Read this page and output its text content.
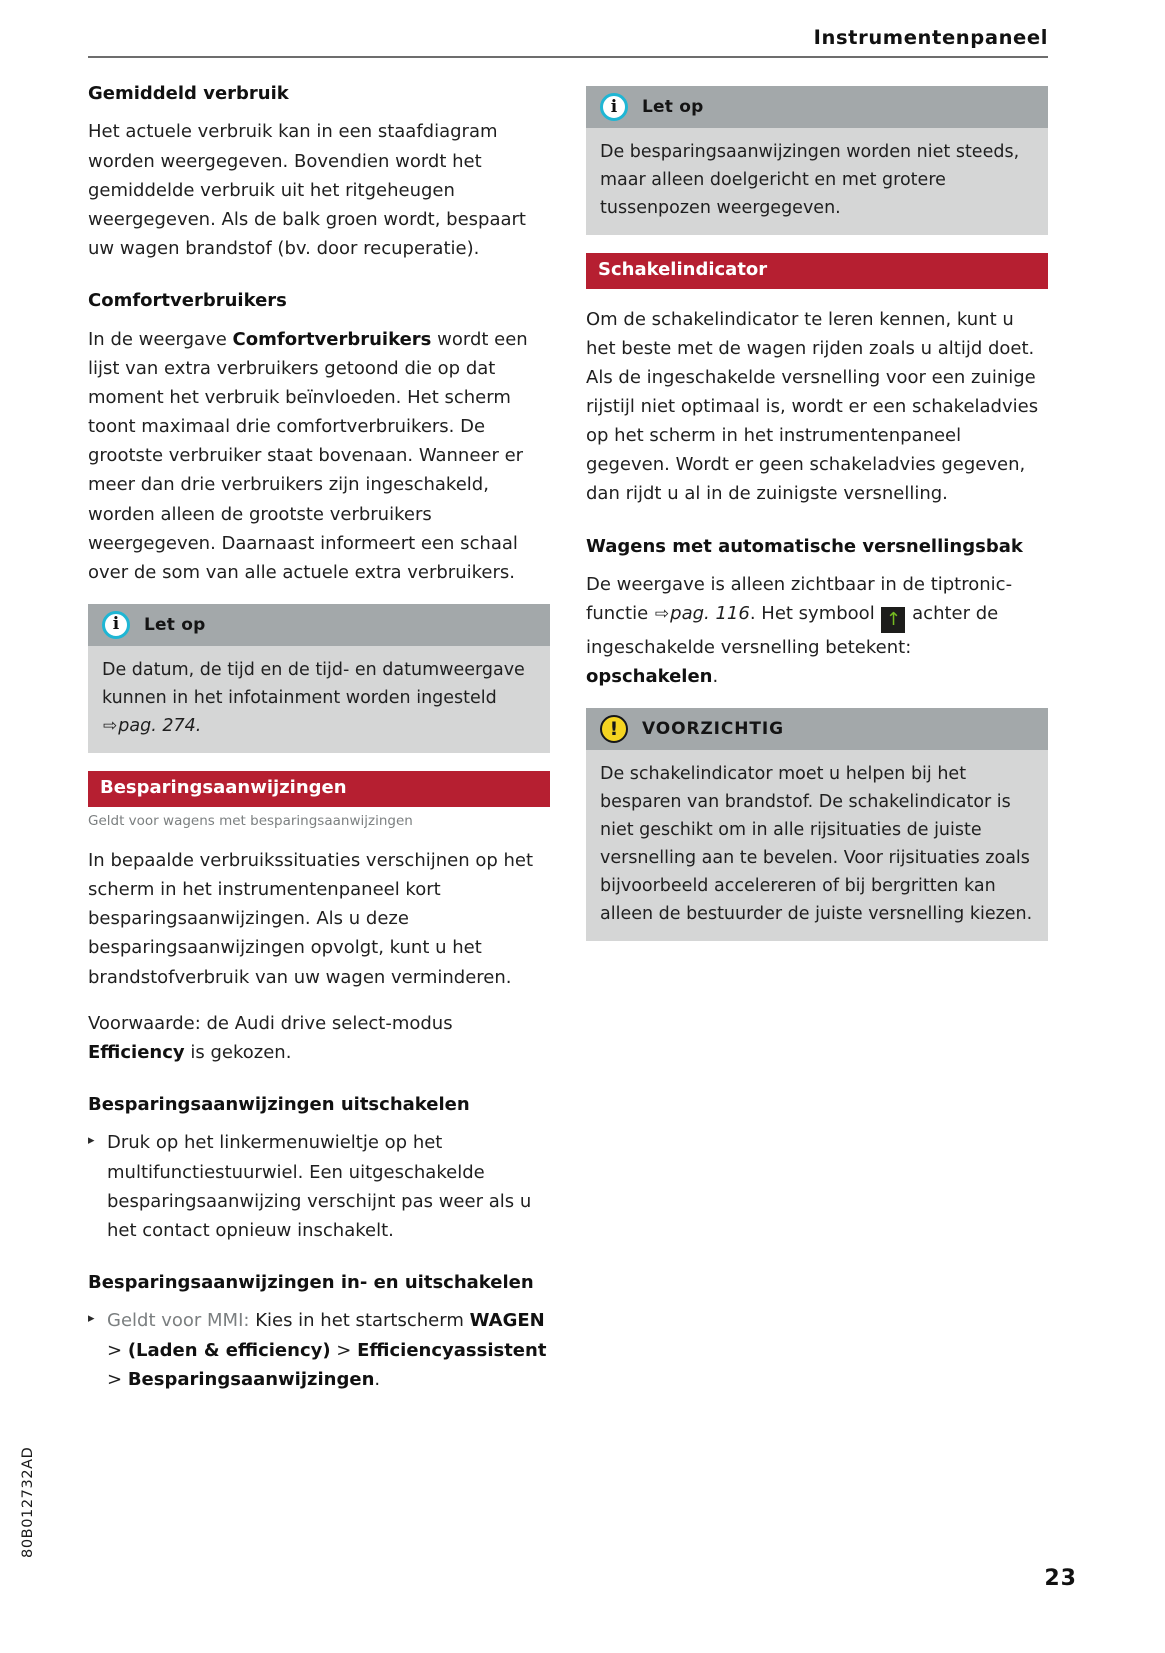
Instrumentenpaneel
Gemiddeld verbruik

Het actuele verbruik kan in een staafdiagram worden weergegeven. Bovendien wordt het gemiddelde verbruik uit het ritgeheugen weergegeven. Als de balk groen wordt, bespaart uw wagen brandstof (bv. door recuperatie).

Comfortverbruikers

In de weergave Comfortverbruikers wordt een lijst van extra verbruikers getoond die op dat moment het verbruik beïnvloeden. Het scherm toont maximaal drie comfortverbruikers. De grootste verbruiker staat bovenaan. Wanneer er meer dan drie verbruikers zijn ingeschakeld, worden alleen de grootste verbruikers weergegeven. Daarnaast informeert een schaal over de som van alle actuele extra verbruikers.

i	Let op
De datum, de tijd en de tijd- en datumweergave kunnen in het infotainment worden ingesteld ⇨pag. 274.
Besparingsaanwijzingen
Geldt voor wagens met besparingsaanwijzingen

In bepaalde verbruikssituaties verschijnen op het scherm in het instrumentenpaneel kort besparingsaanwijzingen. Als u deze besparingsaanwijzingen opvolgt, kunt u het brandstofverbruik van uw wagen verminderen.

Voorwaarde: de Audi drive select-modus Efficiency is gekozen.

Besparingsaanwijzingen uitschakelen
▸ Druk op het linkermenuwieltje op het multifunctiestuurwiel. Een uitgeschakelde besparingsaanwijzing verschijnt pas weer als u het contact opnieuw inschakelt.
Besparingsaanwijzingen in- en uitschakelen
▸ Geldt voor MMI: Kies in het startscherm WAGEN > (Laden & efficiency) > Efficiencyassistent > Besparingsaanwijzingen.
i	Let op
De besparingsaanwijzingen worden niet steeds, maar alleen doelgericht en met grotere tussenpozen weergegeven.
Schakelindicator

Om de schakelindicator te leren kennen, kunt u het beste met de wagen rijden zoals u altijd doet. Als de ingeschakelde versnelling voor een zuinige rijstijl niet optimaal is, wordt er een schakeladvies op het scherm in het instrumentenpaneel gegeven. Wordt er geen schakeladvies gegeven, dan rijdt u al in de zuinigste versnelling.

Wagens met automatische versnellingsbak

De weergave is alleen zichtbaar in de tiptronic-functie ⇨pag. 116. Het symbool ↑ achter de ingeschakelde versnelling betekent: opschakelen.

!	VOORZICHTIG
De schakelindicator moet u helpen bij het besparen van brandstof. De schakelindicator is niet geschikt om in alle rijsituaties de juiste versnelling aan te bevelen. Voor rijsituaties zoals bijvoorbeeld accelereren of bij bergritten kan alleen de bestuurder de juiste versnelling kiezen.
80B012732AD
23
